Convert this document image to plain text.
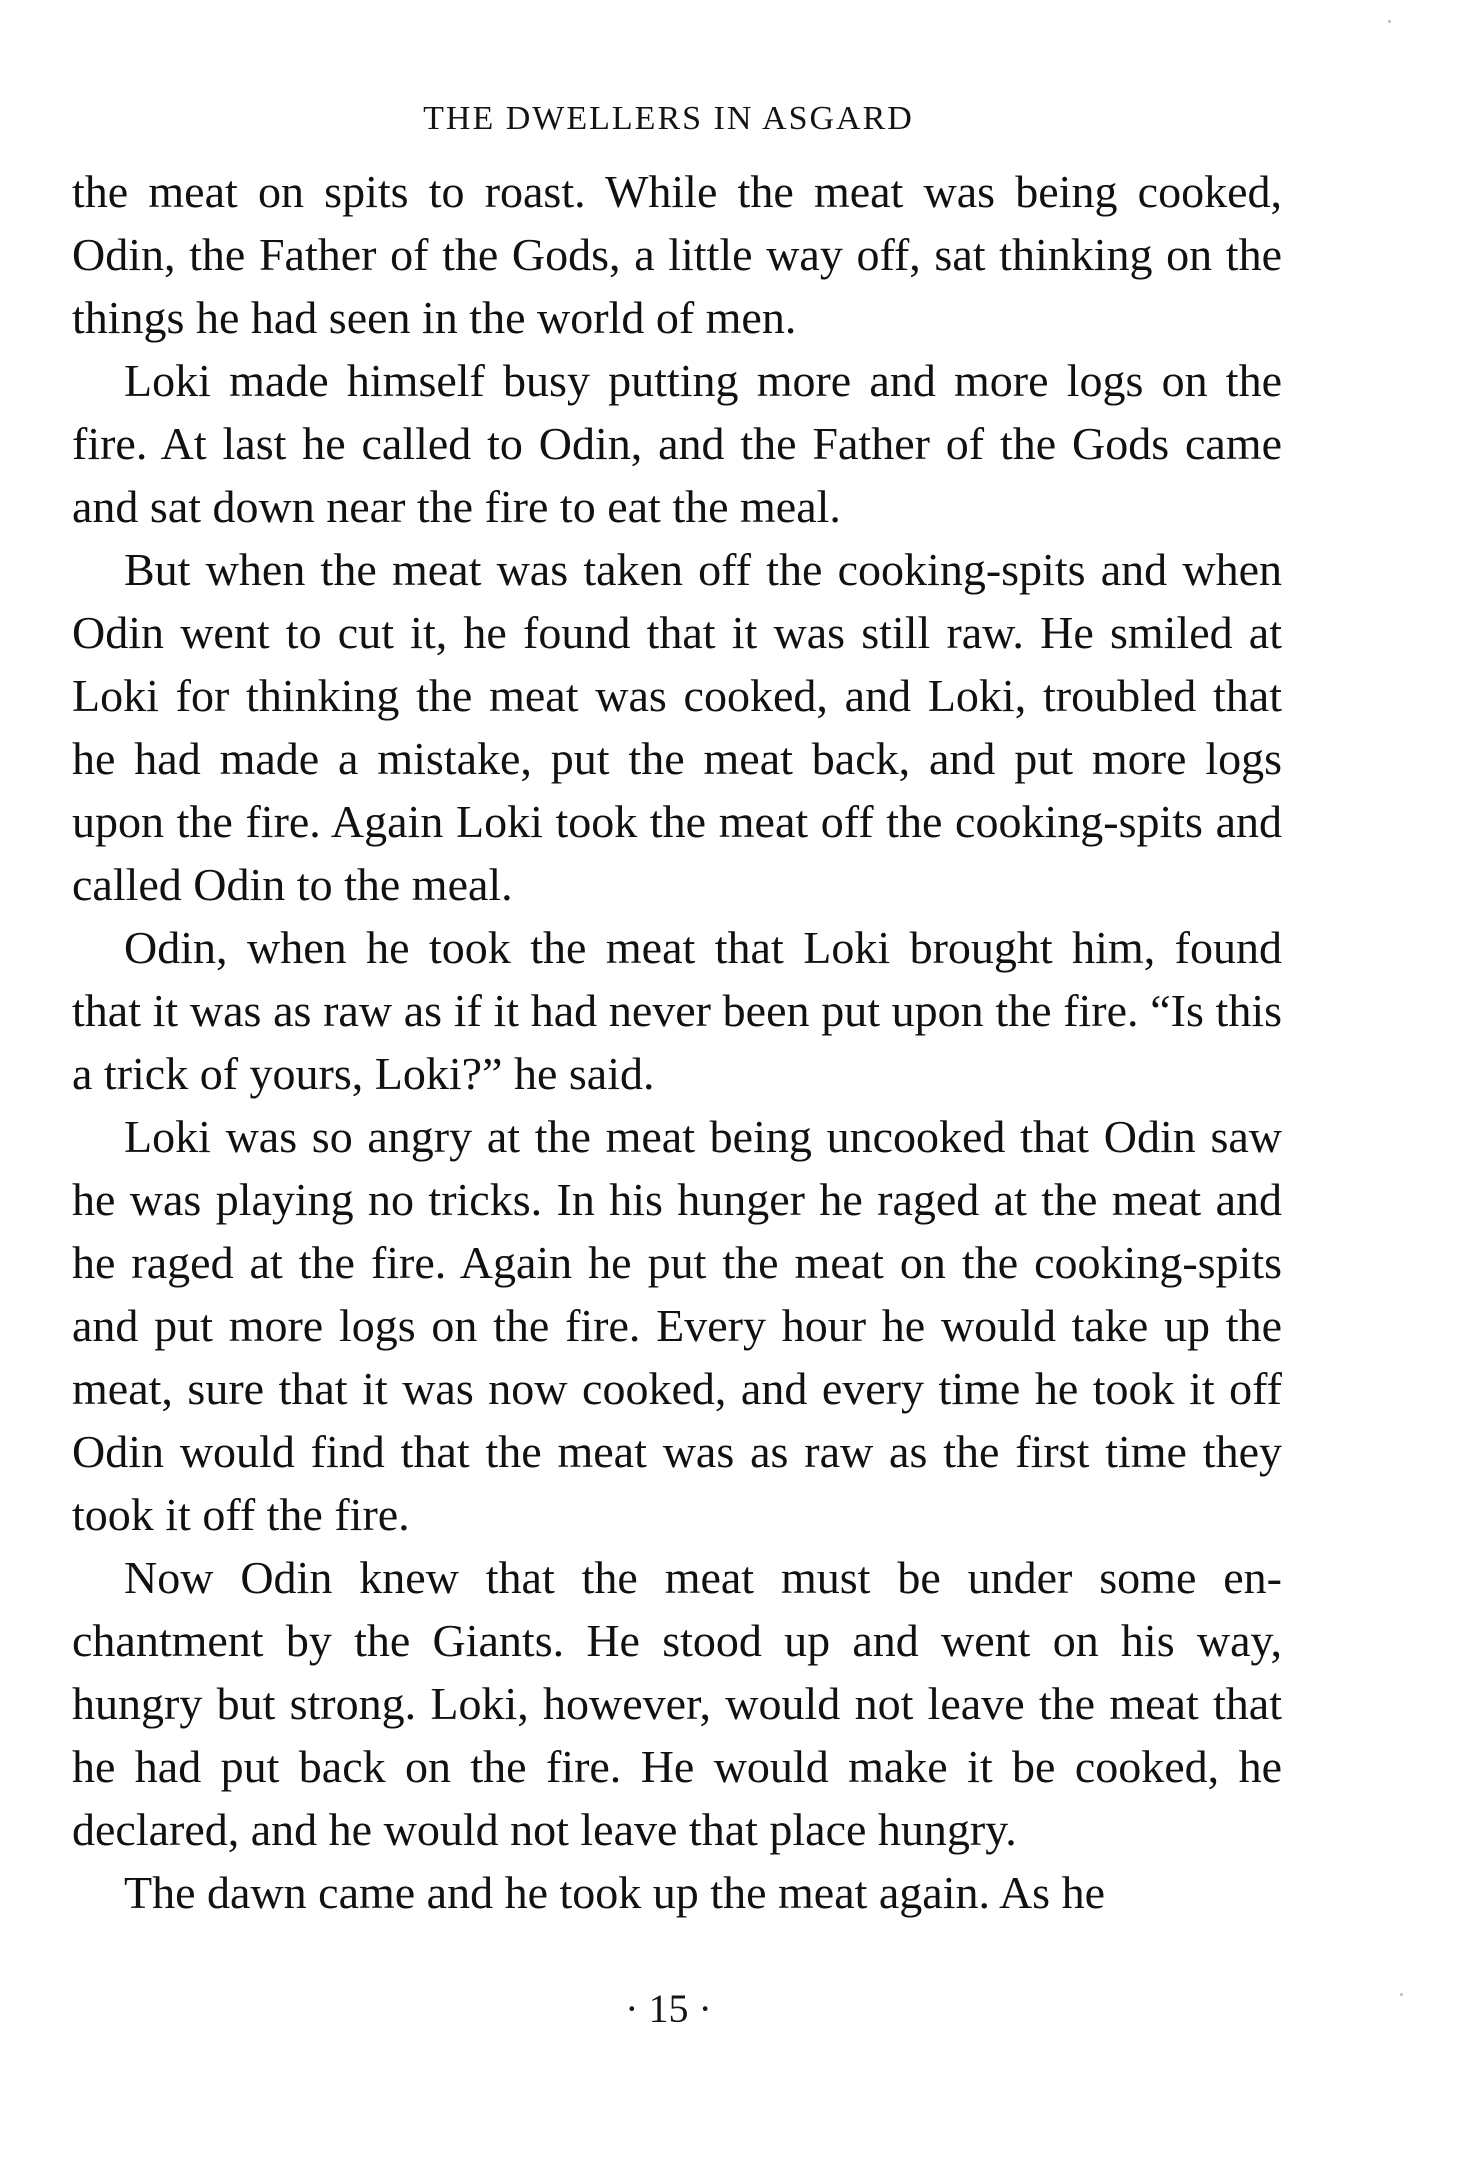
THE DWELLERS IN ASGARD

the meat on spits to roast. While the meat was being cooked, Odin, the Father of the Gods, a little way off, sat thinking on the things he had seen in the world of men.

Loki made himself busy putting more and more logs on the fire. At last he called to Odin, and the Father of the Gods came and sat down near the fire to eat the meal.

But when the meat was taken off the cooking-spits and when Odin went to cut it, he found that it was still raw. He smiled at Loki for thinking the meat was cooked, and Loki, troubled that he had made a mistake, put the meat back, and put more logs upon the fire. Again Loki took the meat off the cooking-spits and called Odin to the meal.

Odin, when he took the meat that Loki brought him, found that it was as raw as if it had never been put upon the fire. “Is this a trick of yours, Loki?” he said.

Loki was so angry at the meat being uncooked that Odin saw he was playing no tricks. In his hunger he raged at the meat and he raged at the fire. Again he put the meat on the cooking-spits and put more logs on the fire. Every hour he would take up the meat, sure that it was now cooked, and every time he took it off Odin would find that the meat was as raw as the first time they took it off the fire.

Now Odin knew that the meat must be under some enchantment by the Giants. He stood up and went on his way, hungry but strong. Loki, however, would not leave the meat that he had put back on the fire. He would make it be cooked, he declared, and he would not leave that place hungry.

The dawn came and he took up the meat again. As he

· 15 ·
